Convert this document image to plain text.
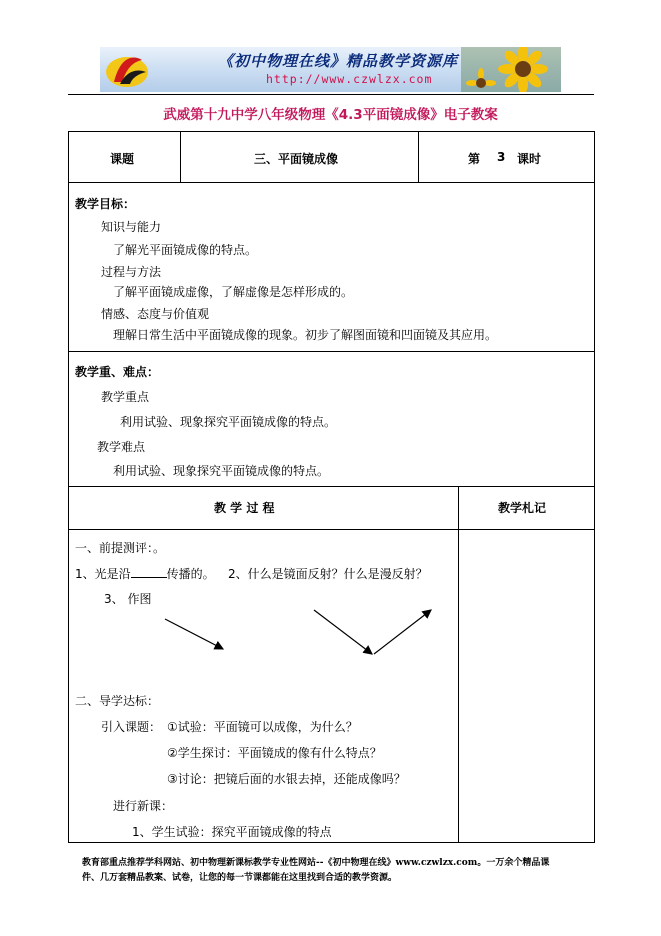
《初中物理在线》精品教学资源库
http://www.czwlzx.com
武威第十九中学八年级物理《4.3平面镜成像》电子教案
课题	三、平面镜成像	第 3 课时
教学目标：
知识与能力
了解光平面镜成像的特点。
过程与方法
了解平面镜成虚像，了解虚像是怎样形成的。
情感、态度与价值观
理解日常生活中平面镜成像的现象。初步了解图面镜和凹面镜及其应用。
教学重、难点：
教学重点
利用试验、现象探究平面镜成像的特点。
教学难点
利用试验、现象探究平面镜成像的特点。
教 学 过 程	教学札记
一、前提测评：。
1、光是沿	传播的。 2、什么是镜面反射？什么是漫反射？
3、 作图
二、导学达标：
引入课题： ①试验：平面镜可以成像，为什么？
②学生探讨：平面镜成的像有什么特点？
③讨论：把镜后面的水银去掉，还能成像吗？
进行新课：
1、学生试验：探究平面镜成像的特点
教育部重点推荐学科网站、初中物理新课标教学专业性网站--《初中物理在线》www.czwlzx.com。一万余个精品课
件、几万套精品教案、试卷，让您的每一节课都能在这里找到合适的教学资源。
